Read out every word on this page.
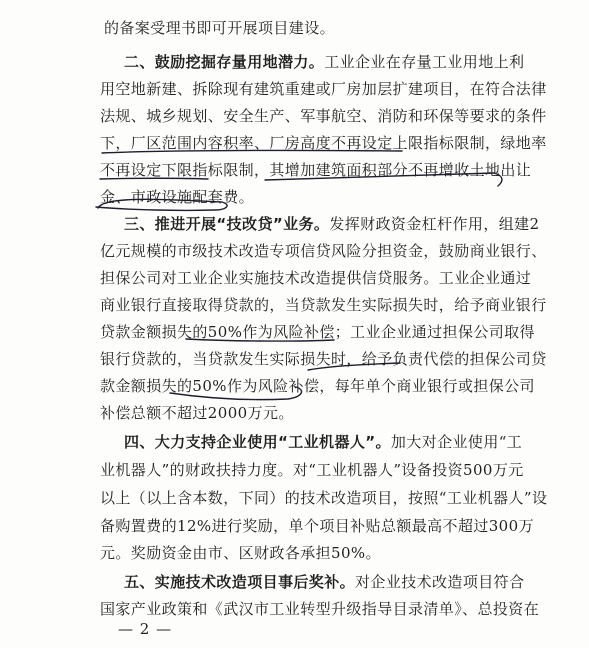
的备案受理书即可开展项目建设。
二、鼓励挖掘存量用地潜力。工业企业在存量工业用地上利
用空地新建、拆除现有建筑重建或厂房加层扩建项目，在符合法律
法规、城乡规划、安全生产、军事航空、消防和环保等要求的条件
下，厂区范围内容积率、厂房高度不再设定上限指标限制，绿地率
不再设定下限指标限制，其增加建筑面积部分不再增收土地出让
金、市政设施配套费。
三、推进开展“技改贷”业务。发挥财政资金杠杆作用，组建2
亿元规模的市级技术改造专项信贷风险分担资金，鼓励商业银行、
担保公司对工业企业实施技术改造提供信贷服务。工业企业通过
商业银行直接取得贷款的，当贷款发生实际损失时，给予商业银行
贷款金额损失的50%作为风险补偿；工业企业通过担保公司取得
银行贷款的，当贷款发生实际损失时，给予负责代偿的担保公司贷
款金额损失的50%作为风险补偿，每年单个商业银行或担保公司
补偿总额不超过2000万元。
四、大力支持企业使用“工业机器人”。加大对企业使用“工
业机器人”的财政扶持力度。对“工业机器人”设备投资500万元
以上（以上含本数，下同）的技术改造项目，按照“工业机器人”设
备购置费的12%进行奖励，单个项目补贴总额最高不超过300万
元。奖励资金由市、区财政各承担50%。
五、实施技术改造项目事后奖补。对企业技术改造项目符合
国家产业政策和《武汉市工业转型升级指导目录清单》、总投资在
— 2 —
